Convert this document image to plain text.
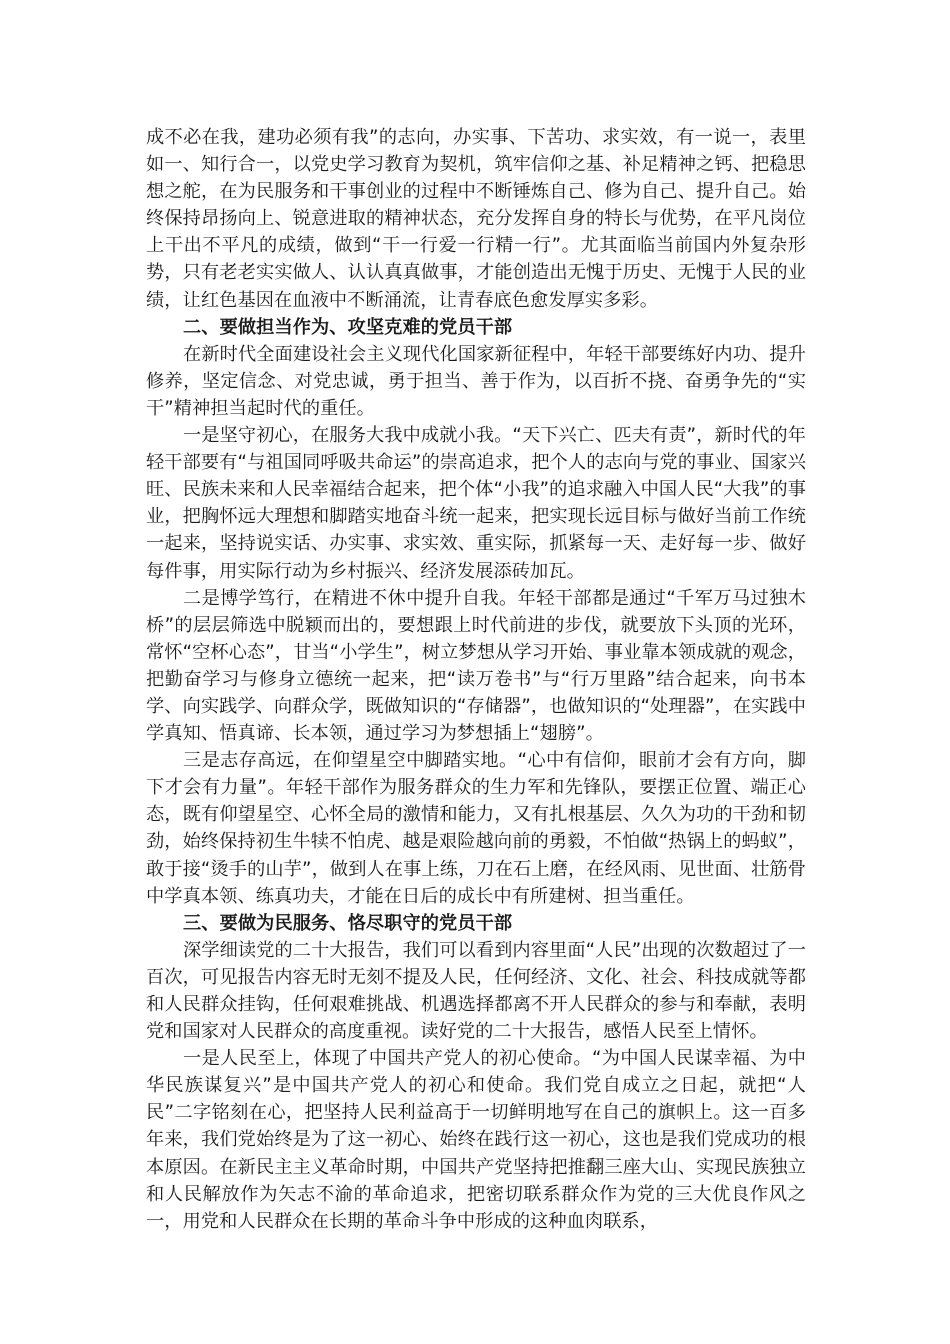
成不必在我，建功必须有我”的志向，办实事、下苦功、求实效，有一说一，表里如一、知行合一，以党史学习教育为契机，筑牢信仰之基、补足精神之钙、把稳思想之舵，在为民服务和干事创业的过程中不断锤炼自己、修为自己、提升自己。始终保持昂扬向上、锐意进取的精神状态，充分发挥自身的特长与优势，在平凡岗位上干出不平凡的成绩，做到“干一行爱一行精一行”。尤其面临当前国内外复杂形势，只有老老实实做人、认认真真做事，才能创造出无愧于历史、无愧于人民的业绩，让红色基因在血液中不断涌流，让青春底色愈发厚实多彩。

二、要做担当作为、攻坚克难的党员干部

在新时代全面建设社会主义现代化国家新征程中，年轻干部要练好内功、提升修养，坚定信念、对党忠诚，勇于担当、善于作为，以百折不挠、奋勇争先的“实干”精神担当起时代的重任。

一是坚守初心，在服务大我中成就小我。“天下兴亡、匹夫有责”，新时代的年轻干部要有“与祖国同呼吸共命运”的崇高追求，把个人的志向与党的事业、国家兴旺、民族未来和人民幸福结合起来，把个体“小我”的追求融入中国人民“大我”的事业，把胸怀远大理想和脚踏实地奋斗统一起来，把实现长远目标与做好当前工作统一起来，坚持说实话、办实事、求实效、重实际，抓紧每一天、走好每一步、做好每件事，用实际行动为乡村振兴、经济发展添砖加瓦。

二是博学笃行，在精进不休中提升自我。年轻干部都是通过“千军万马过独木桥”的层层筛选中脱颖而出的，要想跟上时代前进的步伐，就要放下头顶的光环，常怀“空杯心态”，甘当“小学生”，树立梦想从学习开始、事业靠本领成就的观念，把勤奋学习与修身立德统一起来，把“读万卷书”与“行万里路”结合起来，向书本学、向实践学、向群众学，既做知识的“存储器”，也做知识的“处理器”，在实践中学真知、悟真谛、长本领，通过学习为梦想插上“翅膀”。

三是志存高远，在仰望星空中脚踏实地。“心中有信仰，眼前才会有方向，脚下才会有力量”。年轻干部作为服务群众的生力军和先锋队，要摆正位置、端正心态，既有仰望星空、心怀全局的激情和能力，又有扎根基层、久久为功的干劲和韧劲，始终保持初生牛犊不怕虎、越是艰险越向前的勇毅，不怕做“热锅上的蚂蚁”，敢于接“烫手的山芋”，做到人在事上练，刀在石上磨，在经风雨、见世面、壮筋骨中学真本领、练真功夫，才能在日后的成长中有所建树、担当重任。

三、要做为民服务、恪尽职守的党员干部

深学细读党的二十大报告，我们可以看到内容里面“人民”出现的次数超过了一百次，可见报告内容无时无刻不提及人民，任何经济、文化、社会、科技成就等都和人民群众挂钩，任何艰难挑战、机遇选择都离不开人民群众的参与和奉献，表明党和国家对人民群众的高度重视。读好党的二十大报告，感悟人民至上情怀。

一是人民至上，体现了中国共产党人的初心使命。“为中国人民谋幸福、为中华民族谋复兴”是中国共产党人的初心和使命。我们党自成立之日起，就把“人民”二字铭刻在心，把坚持人民利益高于一切鲜明地写在自己的旗帜上。这一百多年来，我们党始终是为了这一初心、始终在践行这一初心，这也是我们党成功的根本原因。在新民主主义革命时期，中国共产党坚持把推翻三座大山、实现民族独立和人民解放作为矢志不渝的革命追求，把密切联系群众作为党的三大优良作风之一，用党和人民群众在长期的革命斗争中形成的这种血肉联系，
